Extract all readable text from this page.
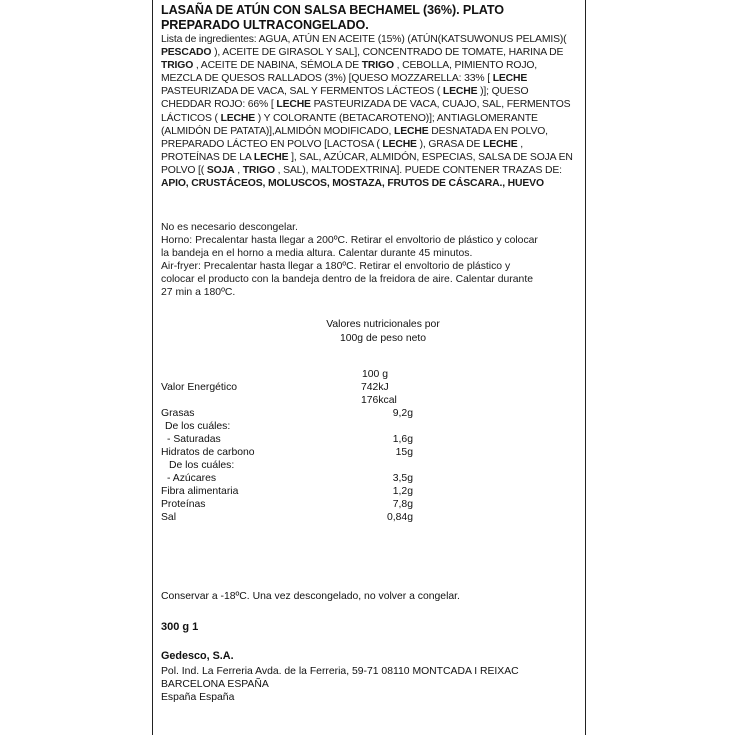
LASAÑA DE ATÚN CON SALSA BECHAMEL (36%). PLATO PREPARADO ULTRACONGELADO.
Lista de ingredientes: AGUA, ATÚN EN ACEITE (15%) (ATÚN(KATSUWONUS PELAMIS)( PESCADO ), ACEITE DE GIRASOL Y SAL], CONCENTRADO DE TOMATE, HARINA DE TRIGO , ACEITE DE NABINA, SÉMOLA DE TRIGO , CEBOLLA, PIMIENTO ROJO, MEZCLA DE QUESOS RALLADOS (3%) [QUESO MOZZARELLA: 33% [ LECHE PASTEURIZADA DE VACA, SAL Y FERMENTOS LÁCTEOS ( LECHE )]; QUESO CHEDDAR ROJO: 66% [ LECHE PASTEURIZADA DE VACA, CUAJO, SAL, FERMENTOS LÁCTICOS ( LECHE ) Y COLORANTE (BETACAROTENO)]; ANTIAGLOMERANTE (ALMIDÓN DE PATATA)],ALMIDÓN MODIFICADO, LECHE DESNATADA EN POLVO, PREPARADO LÁCTEO EN POLVO [LACTOSA ( LECHE ), GRASA DE LECHE , PROTEÍNAS DE LA LECHE ], SAL, AZÚCAR, ALMIDÓN, ESPECIAS, SALSA DE SOJA EN POLVO [( SOJA , TRIGO , SAL), MALTODEXTRINA]. PUEDE CONTENER TRAZAS DE: APIO, CRUSTÁCEOS, MOLUSCOS, MOSTAZA, FRUTOS DE CÁSCARA., HUEVO
No es necesario descongelar.
Horno: Precalentar hasta llegar a 200ºC. Retirar el envoltorio de plástico y colocar
la bandeja en el horno a media altura. Calentar durante 45 minutos.
Air-fryer: Precalentar hasta llegar a 180ºC. Retirar el envoltorio de plástico y
colocar el producto con la bandeja dentro de la freidora de aire. Calentar durante
27 min a 180ºC.
Valores nutricionales por
100g de peso neto
100 g
Valor Energético	742kJ
176kcal
Grasas	9,2g
De los cuáles:
- Saturadas	1,6g
Hidratos de carbono	15g
De los cuáles:
- Azúcares	3,5g
Fibra alimentaria	1,2g
Proteínas	7,8g
Sal	0,84g
Conservar a -18ºC. Una vez descongelado, no volver a congelar.
300 g 1
Gedesco, S.A.
Pol. Ind. La Ferreria Avda. de la Ferreria, 59-71 08110 MONTCADA I REIXAC
BARCELONA ESPAÑA
España España
